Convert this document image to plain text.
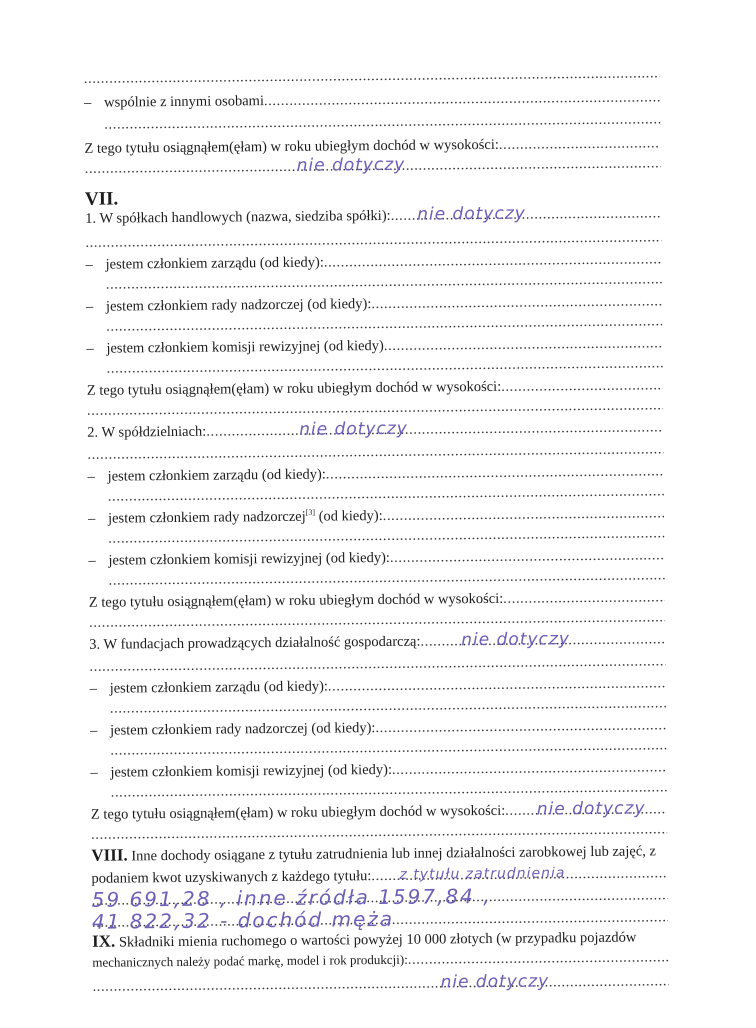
.....
– wspólnie z innymi osobami
.....
.....
Z tego tytułu osiągnąłem(ęłam) w roku ubiegłym dochód w wysokości:
.....
.....
nie dotyczy
VII.
1. W spółkach handlowych (nazwa, siedziba spółki): ..... nie dotyczy
.....
– jestem członkiem zarządu (od kiedy):
.....
.....
– jestem członkiem rady nadzorczej (od kiedy):
.....
.....
– jestem członkiem komisji rewizyjnej (od kiedy)
.....
.....
Z tego tytułu osiągnąłem(ęłam) w roku ubiegłym dochód w wysokości:
.....
.....
2. W spółdzielniach: .....	nie dotyczy
.....
– jestem członkiem zarządu (od kiedy):
.....
.....
– jestem członkiem rady nadzorczej[3] (od kiedy):
.....
.....
– jestem członkiem komisji rewizyjnej (od kiedy):
.....
.....
Z tego tytułu osiągnąłem(ęłam) w roku ubiegłym dochód w wysokości:
.....
.....
3. W fundacjach prowadzących działalność gospodarczą: ..... nie dotyczy
.....
– jestem członkiem zarządu (od kiedy):
.....
.....
– jestem członkiem rady nadzorczej (od kiedy):
.....
.....
– jestem członkiem komisji rewizyjnej (od kiedy):
.....
.....
Z tego tytułu osiągnąłem(ęłam) w roku ubiegłym dochód w wysokości: ..... nie dotyczy
.....
VIII. Inne dochody osiągane z tytułu zatrudnienia lub innej działalności zarobkowej lub zajęć, z
podaniem kwot uzyskiwanych z każdego tytułu: ..... z tytułu zatrudnienia
.....
59 691,28 , inne źródła 1597,84 ,
.....
41 822,32 - dochód męża
IX. Składniki mienia ruchomego o wartości powyżej 10 000 złotych (w przypadku pojazdów
mechanicznych należy podać markę, model i rok produkcji):
.....
.....
nie dotyczy
